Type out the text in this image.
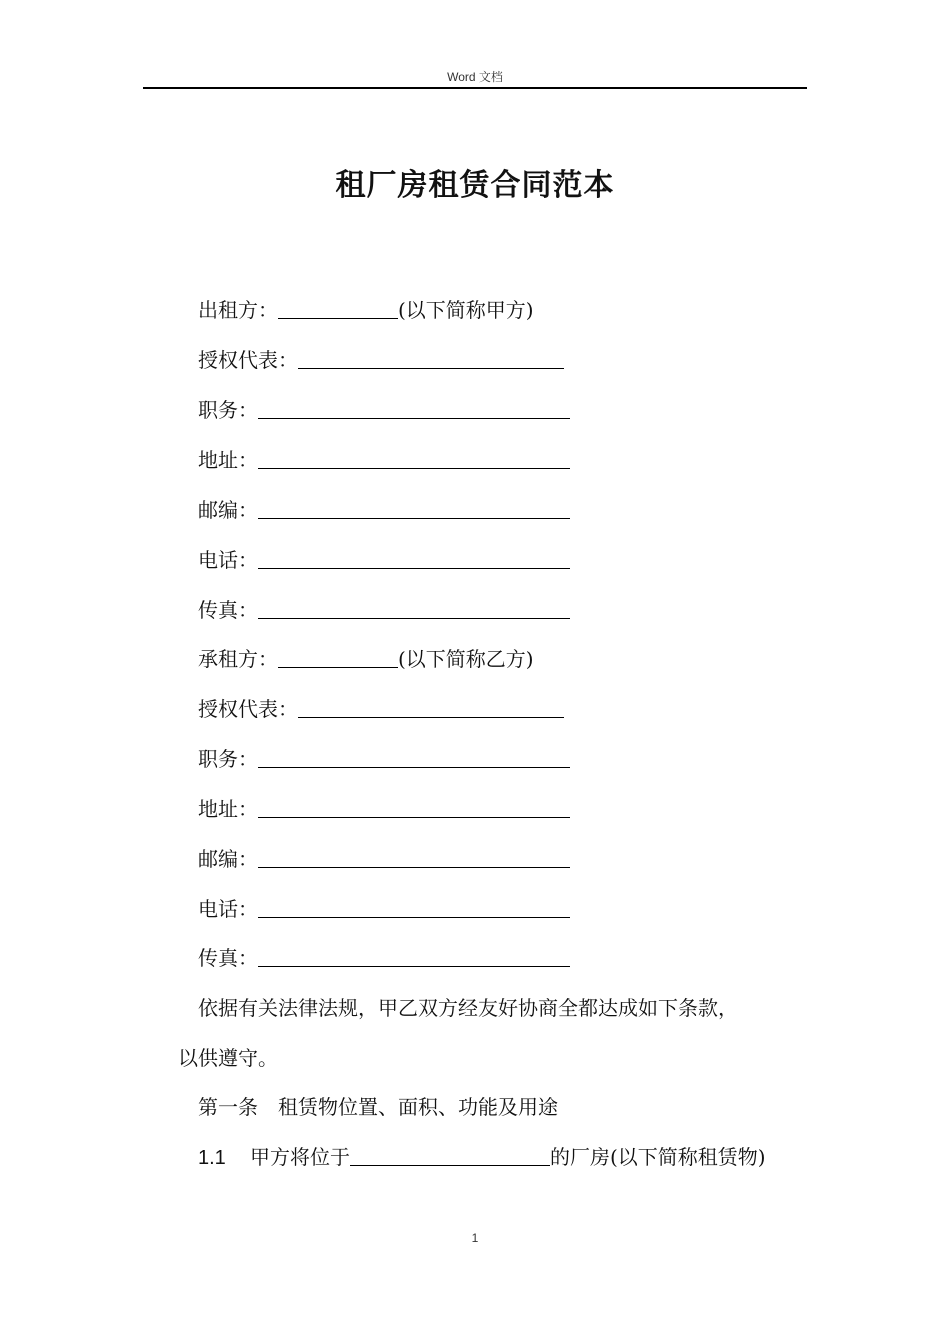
Word 文档
租厂房租赁合同范本
出租方：	(以下简称甲方)
授权代表：
职务：
地址：
邮编：
电话：
传真：
承租方：	(以下简称乙方)
授权代表：
职务：
地址：
邮编：
电话：
传真：
依据有关法律法规，甲乙双方经友好协商全都达成如下条款，
以供遵守。
第一条　租赁物位置、面积、功能及用途
1.1 甲方将位于	的厂房(以下简称租赁物)
1
